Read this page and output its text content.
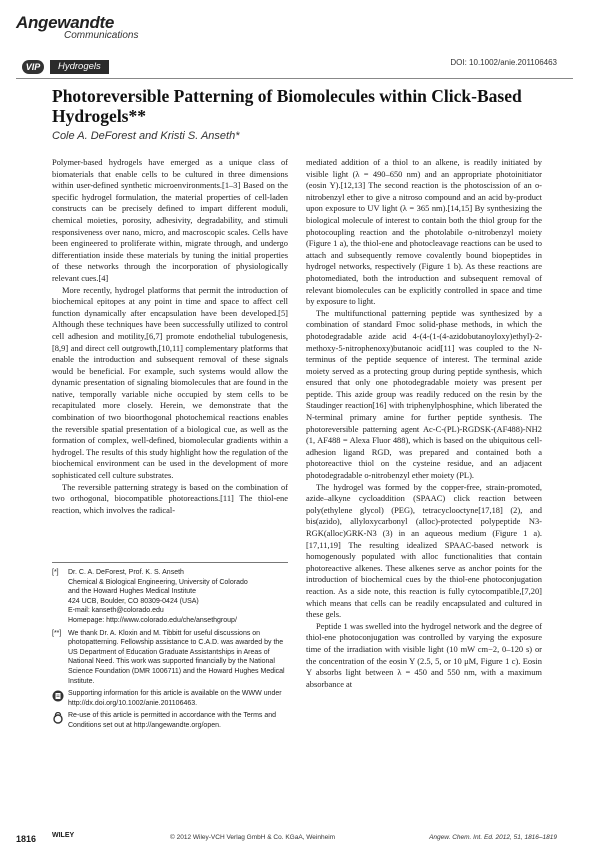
Angewandte
Communications
VIP	Hydrogels	DOI: 10.1002/anie.201106463
Photoreversible Patterning of Biomolecules within Click-Based Hydrogels**
Cole A. DeForest and Kristi S. Anseth*

Polymer-based hydrogels have emerged as a unique class of biomaterials that enable cells to be cultured in three dimensions within user-defined synthetic microenvironments.[1–3] Based on the specific hydrogel formulation, the material properties of cell-laden constructs can be precisely defined to impart different moduli, chemical moieties, porosity, adhesivity, degradability, and stimuli responsiveness over nano, micro, and macroscopic scales. Cells have been engineered to proliferate within, migrate through, and undergo differentiation inside these materials by tuning the initial properties of these networks through the incorporation of physiologically relevant cues.[4]

More recently, hydrogel platforms that permit the introduction of biochemical epitopes at any point in time and space to affect cell function dynamically after encapsulation have been developed.[5] Although these techniques have been successfully utilized to control cell adhesion and motility,[6,7] promote endothelial tubulogenesis,[8,9] and direct cell outgrowth,[10,11] complementary platforms that enable the introduction and subsequent removal of these signals would be beneficial. For example, such systems would allow the dynamic presentation of signaling biomolecules that are found in the native, temporally variable niche occupied by stem cells to be recapitulated more closely. Herein, we demonstrate that the combination of two bioorthogonal photochemical reactions enables the reversible spatial presentation of a biological cue, as well as the formation of complex, well-defined, biomolecular gradients within a hydrogel. The results of this study highlight how the regulation of the biochemical environment can be used in the development of more sophisticated cell culture substrates.

The reversible patterning strategy is based on the combination of two orthogonal, biocompatible photoreactions.[11] The thiol-ene reaction, which involves the radical-

mediated addition of a thiol to an alkene, is readily initiated by visible light (λ = 490–650 nm) and an appropriate photoinitiator (eosin Y).[12,13] The second reaction is the photoscission of an o-nitrobenzyl ether to give a nitroso compound and an acid by-product upon exposure to UV light (λ = 365 nm).[14,15] By synthesizing the biological molecule of interest to contain both the thiol group for the photocoupling reaction and the photolabile o-nitrobenzyl moiety (Figure 1 a), the thiol-ene and photocleavage reactions can be used to attach and subsequently remove covalently bound biopeptides in hydrogel networks, respectively (Figure 1 b). As these reactions are photomediated, both the introduction and subsequent removal of relevant biomolecules can be explicitly controlled in space and time by exposure to light.

The multifunctional patterning peptide was synthesized by a combination of standard Fmoc solid-phase methods, in which the photodegradable azide acid 4-(4-(1-(4-azidobutanoyloxy)ethyl)-2-methoxy-5-nitrophenoxy)butanoic acid[11] was coupled to the N-terminus of the peptide sequence of interest. The terminal azide moiety served as a protecting group during peptide synthesis, which ensured that only one photodegradable moiety was present per peptide. This azide group was readily reduced on the resin by the Staudinger reaction[16] with triphenylphosphine, which liberated the N-terminal primary amine for further peptide synthesis. The photoreversible patterning agent Ac-C-(PL)-RGDSK-(AF488)-NH2 (1, AF488 = Alexa Fluor 488), which is based on the ubiquitous cell-adhesion ligand RGD, was prepared and contained both a photoreactive thiol on the cysteine residue, and an adjacent photodegradable o-nitrobenzyl ether moiety (PL).

The hydrogel was formed by the copper-free, strain-promoted, azide–alkyne cycloaddition (SPAAC) click reaction between poly(ethylene glycol) (PEG), tetracyclooctyne[17,18] (2), and bis(azido), allyloxycarbonyl (alloc)-protected polypeptide N3-RGK(alloc)GRK-N3 (3) in an aqueous medium (Figure 1 a).[17,11,19] The resulting idealized SPAAC-based network is homogenously populated with alloc functionalities that contain photoreactive alkenes. These alkenes serve as anchor points for the introduction of biochemical cues by the thiol-ene photoconjugation reaction. As a side note, this reaction is fully cytocompatible,[7,20] which means that cells can be readily encapsulated and cultured in these gels.

Peptide 1 was swelled into the hydrogel network and the degree of thiol-ene photoconjugation was controlled by varying the exposure time of the irradiation with visible light (10 mW cm−2, 0–120 s) or the concentration of the eosin Y (2.5, 5, or 10 μM, Figure 1 c). Eosin Y absorbs light between λ = 450 and 550 nm, with a maximum absorbance at

[*]	Dr. C. A. DeForest, Prof. K. S. Anseth
Chemical & Biological Engineering, University of Colorado
and the Howard Hughes Medical Institute
424 UCB, Boulder, CO 80309-0424 (USA)
E-mail: kanseth@colorado.edu
Homepage: http://www.colorado.edu/che/ansethgroup/
[**] We thank Dr. A. Kloxin and M. Tibbitt for useful discussions on photopatterning. Fellowship assistance to C.A.D. was awarded by the US Department of Education Graduate Assistantships in Areas of National Need. This work was supported financially by the National Science Foundation (DMR 1006711) and the Howard Hughes Medical Institute.
Supporting information for this article is available on the WWW under http://dx.doi.org/10.1002/anie.201106463.
Re-use of this article is permitted in accordance with the Terms and Conditions set out at http://angewandte.org/open.
1816 WILEY	© 2012 Wiley-VCH Verlag GmbH & Co. KGaA, Weinheim	Angew. Chem. Int. Ed. 2012, 51, 1816–1819
